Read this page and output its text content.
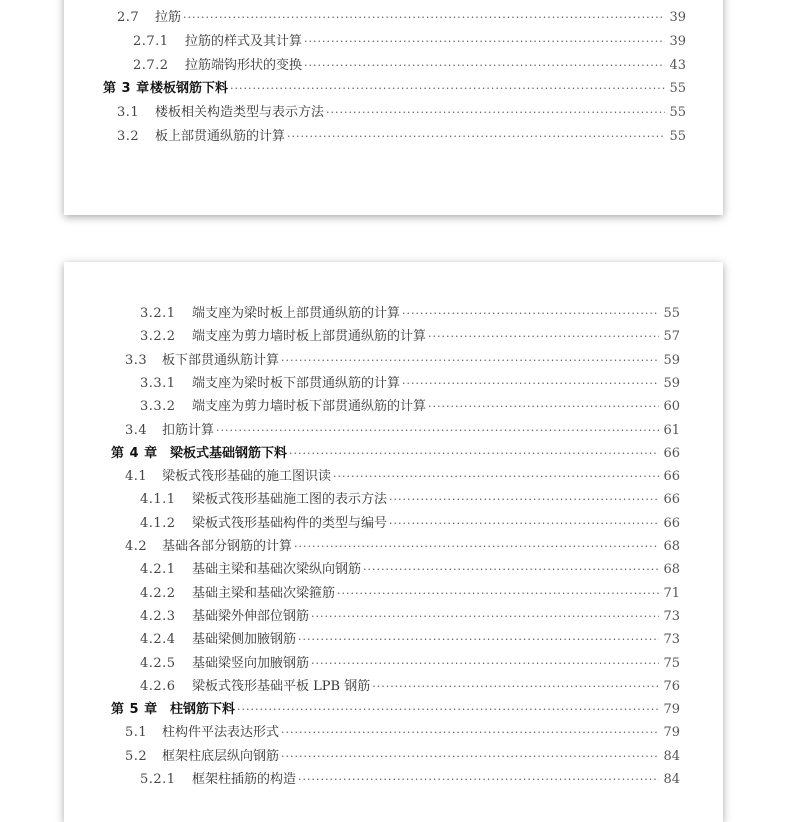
2.7	拉筋 ·····	39
2.7.1	拉筋的样式及其计算 ·····	39
2.7.2	拉筋端钩形状的变换 ·····	43
第 3 章 楼板钢筋下料 ·····	55
3.1	楼板相关构造类型与表示方法 ·····	55
3.2	板上部贯通纵筋的计算 ·····	55
3.2.1	端支座为梁时板上部贯通纵筋的计算 ·····	55
3.2.2	端支座为剪力墙时板上部贯通纵筋的计算 ·····	57
3.3	板下部贯通纵筋计算 ·····	59
3.3.1	端支座为梁时板下部贯通纵筋的计算 ·····	59
3.3.2	端支座为剪力墙时板下部贯通纵筋的计算 ·····	60
3.4	扣筋计算 ·····	61
第 4 章 梁板式基础钢筋下料 ·····	66
4.1	梁板式筏形基础的施工图识读 ·····	66
4.1.1	梁板式筏形基础施工图的表示方法 ·····	66
4.1.2	梁板式筏形基础构件的类型与编号 ·····	66
4.2	基础各部分钢筋的计算 ·····	68
4.2.1	基础主梁和基础次梁纵向钢筋 ·····	68
4.2.2	基础主梁和基础次梁箍筋 ·····	71
4.2.3	基础梁外伸部位钢筋 ·····	73
4.2.4	基础梁侧加腋钢筋 ·····	73
4.2.5	基础梁竖向加腋钢筋 ·····	75
4.2.6	梁板式筏形基础平板 LPB 钢筋 ·····	76
第 5 章 柱钢筋下料 ·····	79
5.1	柱构件平法表达形式 ·····	79
5.2	框架柱底层纵向钢筋 ·····	84
5.2.1	框架柱插筋的构造 ·····	84
